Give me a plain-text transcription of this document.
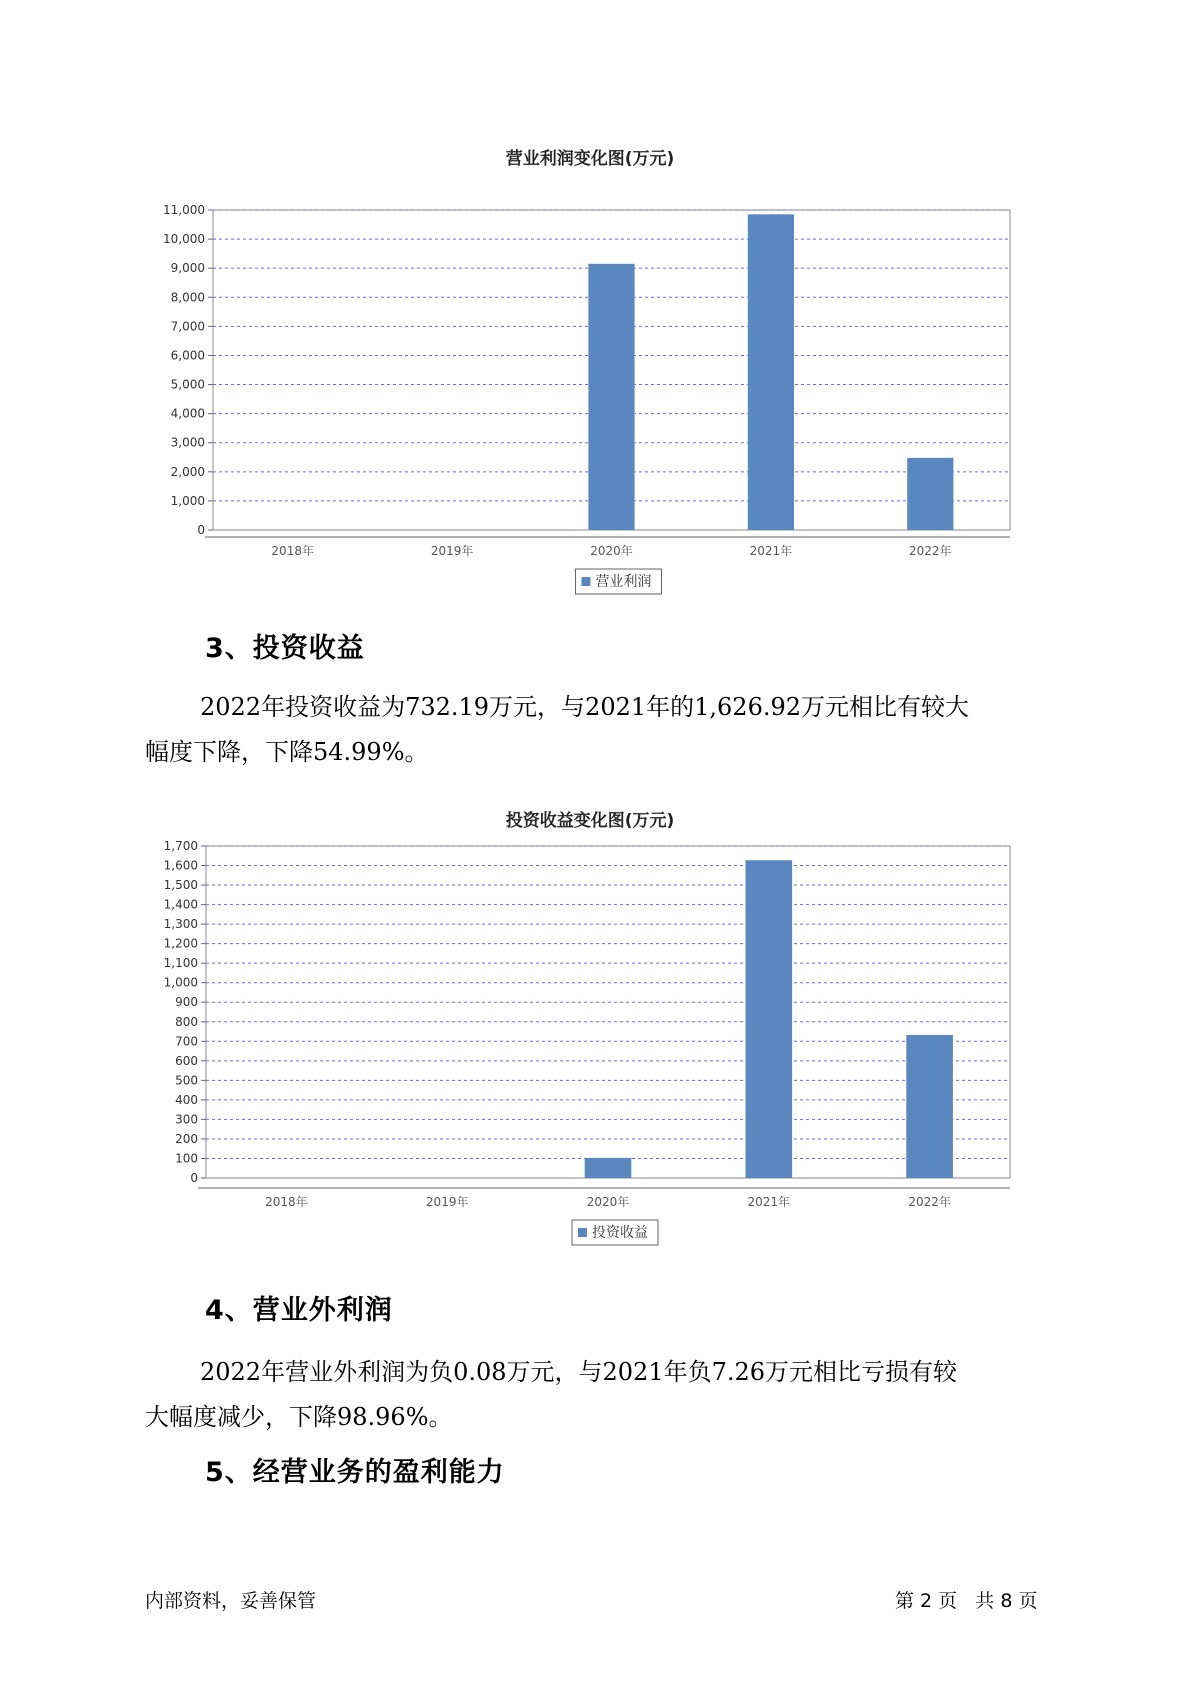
营业利润变化图(万元)
0
1,000
2,000
3,000
4,000
5,000
6,000
7,000
8,000
9,000
10,000
11,000
2018年	2019年	2020年	2021年	2022年
营业利润
3、投资收益

2022年投资收益为732.19万元，与2021年的1,626.92万元相比有较大

幅度下降，下降54.99%。
投资收益变化图(万元)
0
100
200
300
400
500
600
700
800
900
1,000
1,100
1,200
1,300
1,400
1,500
1,600
1,700
2018年	2019年	2020年	2021年	2022年
投资收益
4、营业外利润

2022年营业外利润为负0.08万元，与2021年负7.26万元相比亏损有较

大幅度减少，下降98.96%。
5、经营业务的盈利能力
内部资料，妥善保管	第 2 页   共 8 页
